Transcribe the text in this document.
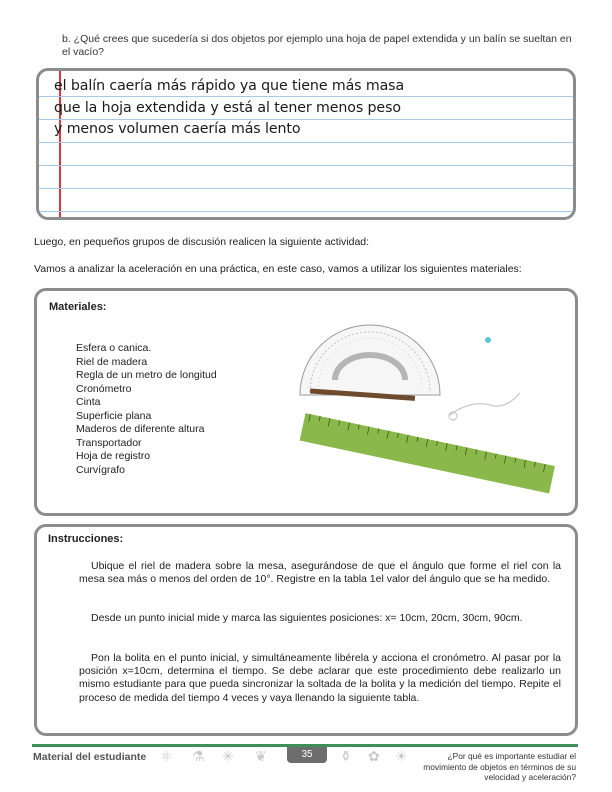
b. ¿Qué crees que sucedería si dos objetos por ejemplo una hoja de papel extendida y un balín se sueltan en el vacío?
el balín caería más rápido ya que tiene más masa
que la hoja extendida y está al tener menos peso
y menos volumen caería más lento
Luego, en pequeños grupos de discusión realicen la siguiente actividad:
Vamos a analizar la aceleración en una práctica, en este caso, vamos a utilizar los siguientes materiales:
Materiales:
Esfera o canica.
Riel de madera
Regla de un metro de longitud
Cronómetro
Cinta
Superficie plana
Maderos de diferente altura
Transportador
Hoja de registro
Curvígrafo
Instrucciones:
Ubique el riel de madera sobre la mesa, asegurándose de que el ángulo que forme el riel con la mesa sea más o menos del orden de 10°. Registre en la tabla 1el valor del ángulo que se ha medido.
Desde un punto inicial mide y marca las siguientes posiciones: x= 10cm, 20cm, 30cm, 90cm.
Pon la bolita en el punto inicial, y simultáneamente libérela y acciona el cronómetro. Al pasar por la posición x=10cm, determina el tiempo. Se debe aclarar que este procedimiento debe realizarlo un mismo estudiante para que pueda sincronizar la soltada de la bolita y la medición del tiempo. Repite el proceso de medida del tiempo 4 veces y vaya llenando la siguiente tabla.
Material del estudiante ⚛ ⚗ ✳ ❦	35	⚱ ✿ ☀	¿Por qué es importante estudiar el movimiento de objetos en términos de su velocidad y aceleración?
